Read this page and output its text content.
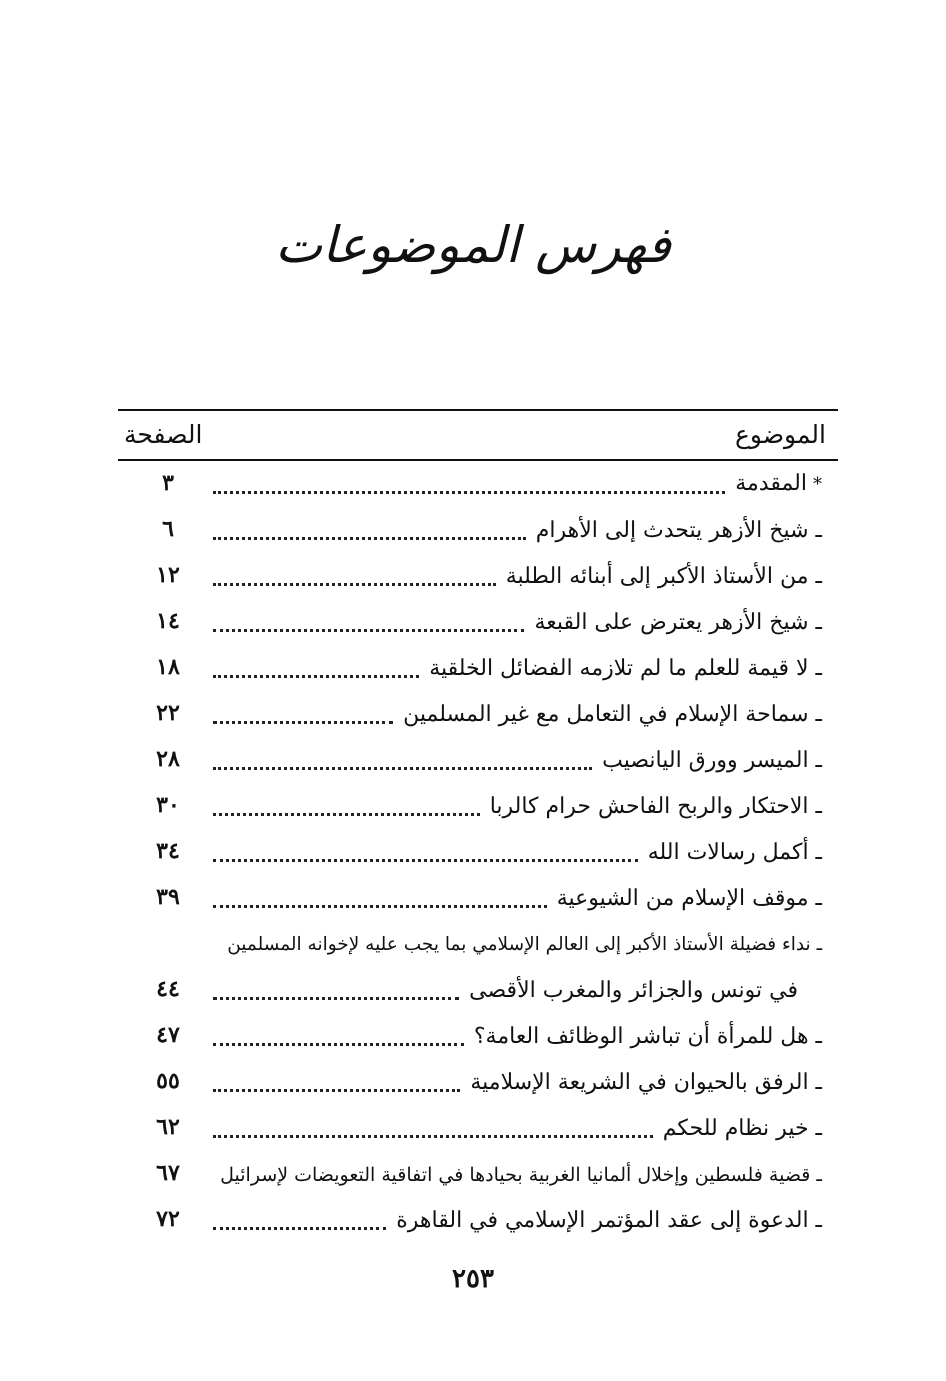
فهرس الموضوعات
الموضوع
الصفحة
*المقدمة
٣
ـ شيخ الأزهر يتحدث إلى الأهرام
٦
ـ من الأستاذ الأكبر إلى أبنائه الطلبة
١٢
ـ شيخ الأزهر يعترض على القبعة
١٤
ـ لا قيمة للعلم ما لم تلازمه الفضائل الخلقية
١٨
ـ سماحة الإسلام في التعامل مع غير المسلمين
٢٢
ـ الميسر وورق اليانصيب
٢٨
ـ الاحتكار والربح الفاحش حرام كالربا
٣٠
ـ أكمل رسالات الله
٣٤
ـ موقف الإسلام من الشيوعية
٣٩
ـ نداء فضيلة الأستاذ الأكبر إلى العالم الإسلامي بما يجب عليه لإخوانه المسلمين
في تونس والجزائر والمغرب الأقصى
٤٤
ـ هل للمرأة أن تباشر الوظائف العامة؟
٤٧
ـ الرفق بالحيوان في الشريعة الإسلامية
٥٥
ـ خير نظام للحكم
٦٢
ـ قضية فلسطين وإخلال ألمانيا الغربية بحيادها في اتفاقية التعويضات لإسرائيل
٦٧
ـ الدعوة إلى عقد المؤتمر الإسلامي في القاهرة
٧٢
٢٥٣
